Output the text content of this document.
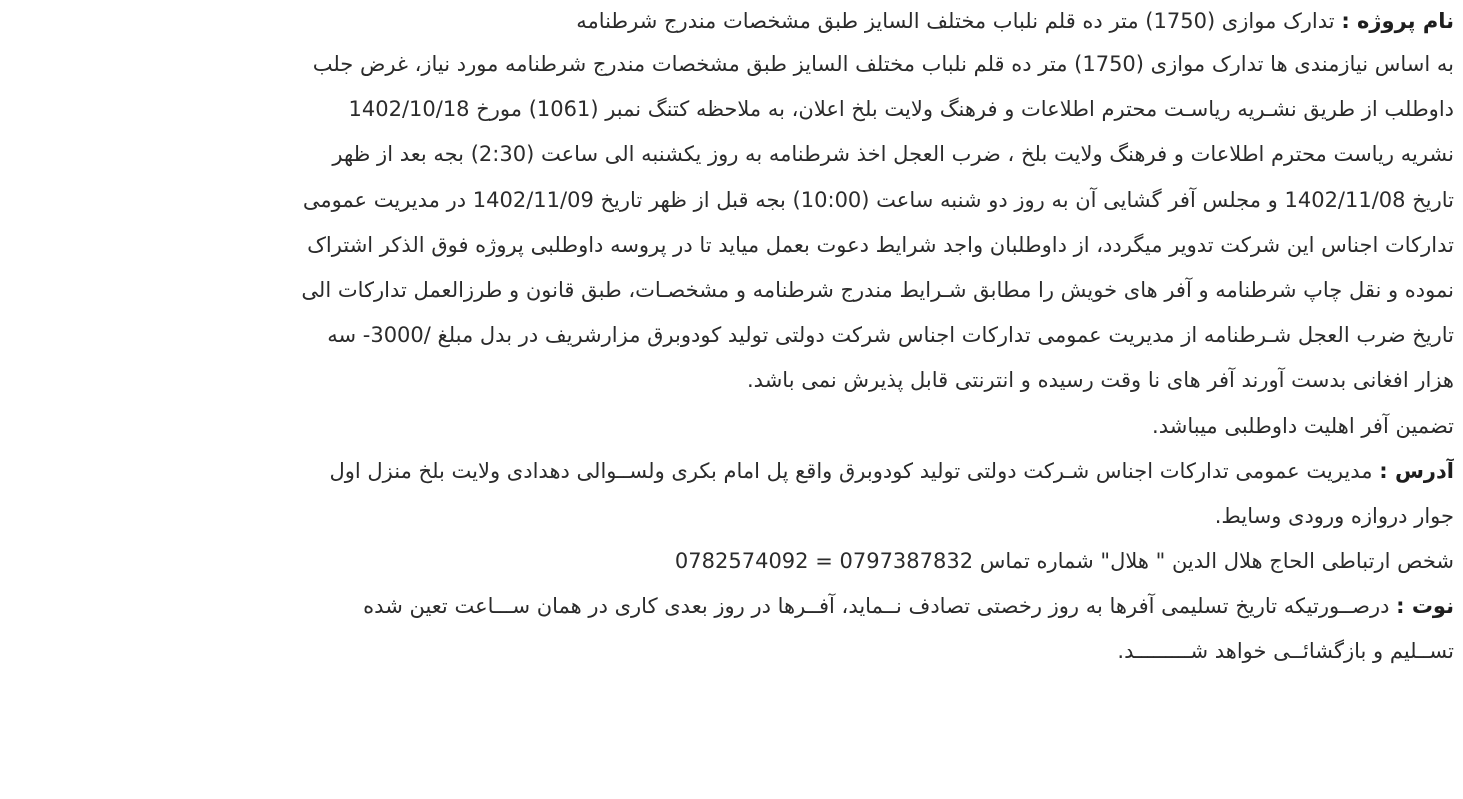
نام پروژه : تدارک موازی (1750) متر ده قلم نلباب مختلف السایز طبق مشخصات مندرج شرطنامه
به اساس نیازمندی ها تدارک موازی (1750) متر ده قلم نلباب مختلف السایز طبق مشخصات مندرج شرطنامه مورد نیاز، غرض جلب
داوطلب از طریق نشـریه ریاسـت محترم اطلاعات و فرهنگ ولایت بلخ اعلان، به ملاحظه کتنگ نمبر (1061) مورخ 1402/10/18
نشریه ریاست محترم اطلاعات و فرهنگ ولایت بلخ ، ضرب العجل اخذ شرطنامه به روز یکشنبه الی ساعت (2:30) بجه بعد از ظهر
تاریخ 1402/11/08 و مجلس آفر گشایی آن به روز دو شنبه ساعت (10:00) بجه قبل از ظهر تاریخ 1402/11/09 در مدیریت عمومی
تدارکات اجناس این شرکت تدویر میگردد، از داوطلبان واجد شرایط دعوت بعمل میاید تا در پروسه داوطلبی پروژه فوق الذکر اشتراک
نموده و نقل چاپ شرطنامه و آفر های خویش را مطابق شـرایط مندرج شرطنامه و مشخصـات، طبق قانون و طرزالعمل تدارکات الی
تاریخ ضرب العجل شـرطنامه از مدیریت عمومی تدارکات اجناس شرکت دولتی تولید کودوبرق مزارشریف در بدل مبلغ /3000- سه
هزار افغانی بدست آورند آفر های نا وقت رسیده و انترنتی قابل پذیرش نمی باشد.
تضمین آفر اهلیت داوطلبی میباشد.
آدرس : مدیریت عمومی تدارکات اجناس شـرکت دولتی تولید کودوبرق واقع پل امام بکری ولســوالی دهدادی ولایت بلخ منزل اول
جوار دروازه ورودی وسایط.
شخص ارتباطی الحاج هلال الدین " هلال" شماره تماس 0797387832 = 0782574092
نوت : درصــورتیکه تاریخ تسلیمی آفرها به روز رخصتی تصادف نــماید، آفــرها در روز بعدی کاری در همان ســـاعت تعین شده
تســلیم و بازگشائــی خواهد شـــــــــد.
